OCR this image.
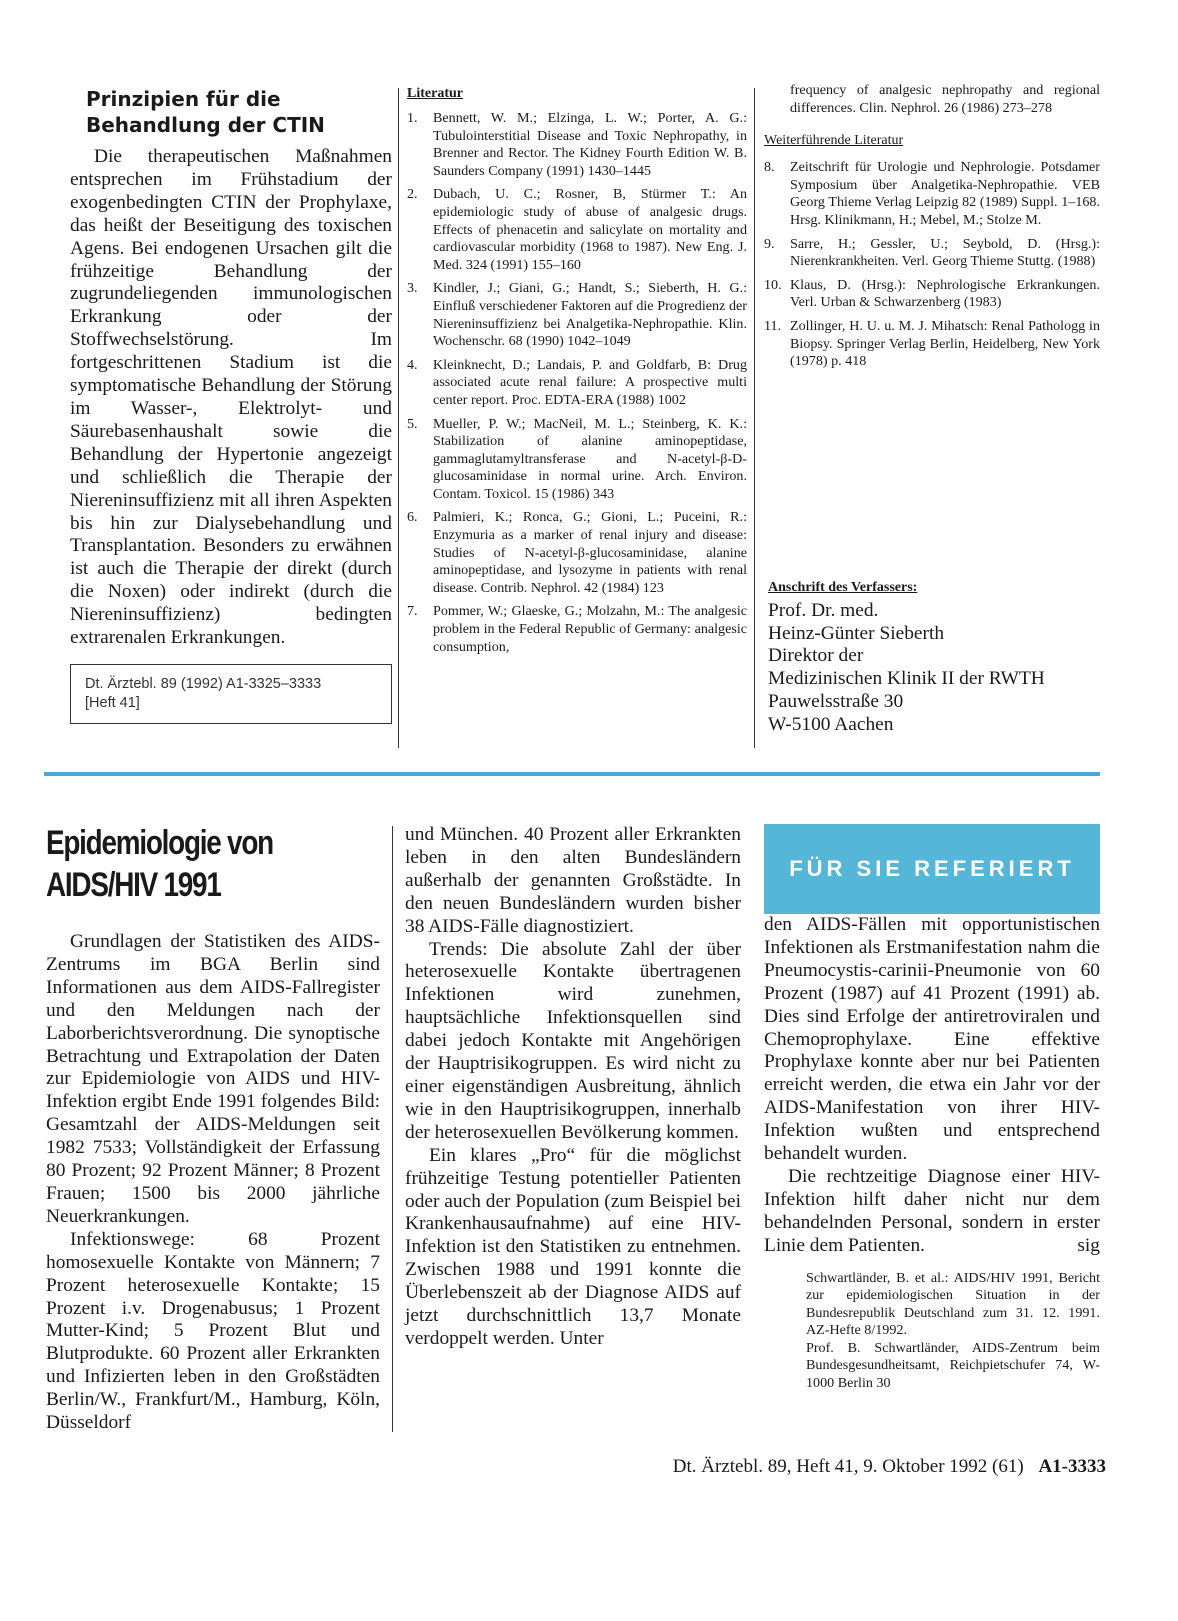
Prinzipien für die Behandlung der CTIN

Die therapeutischen Maßnahmen entsprechen im Frühstadium der exogenbedingten CTIN der Prophylaxe, das heißt der Beseitigung des toxischen Agens. Bei endogenen Ursachen gilt die frühzeitige Behandlung der zugrundeliegenden immunologischen Erkrankung oder der Stoffwechselstörung. Im fortgeschrittenen Stadium ist die symptomatische Behandlung der Störung im Wasser-, Elektrolyt- und Säurebasenhaushalt sowie die Behandlung der Hypertonie angezeigt und schließlich die Therapie der Niereninsuffizienz mit all ihren Aspekten bis hin zur Dialysebehandlung und Transplantation. Besonders zu erwähnen ist auch die Therapie der direkt (durch die Noxen) oder indirekt (durch die Niereninsuffizienz) bedingten extrarenalen Erkrankungen.

Dt. Ärztebl. 89 (1992) A1-3325–3333
[Heft 41]
Literatur
1.	Bennett, W. M.; Elzinga, L. W.; Porter, A. G.: Tubulointerstitial Disease and Toxic Nephropathy, in Brenner and Rector. The Kidney Fourth Edition W. B. Saunders Company (1991) 1430–1445
2.	Dubach, U. C.; Rosner, B, Stürmer T.: An epidemiologic study of abuse of analgesic drugs. Effects of phenacetin and salicylate on mortality and cardiovascular morbidity (1968 to 1987). New Eng. J. Med. 324 (1991) 155–160
3.	Kindler, J.; Giani, G.; Handt, S.; Sieberth, H. G.: Einfluß verschiedener Faktoren auf die Progredienz der Niereninsuffizienz bei Analgetika-Nephropathie. Klin. Wochenschr. 68 (1990) 1042–1049
4.	Kleinknecht, D.; Landais, P. and Goldfarb, B: Drug associated acute renal failure: A prospective multi center report. Proc. EDTA-ERA (1988) 1002
5.	Mueller, P. W.; MacNeil, M. L.; Steinberg, K. K.: Stabilization of alanine aminopeptidase, gammaglutamyltransferase and N-acetyl-β-D-glucosaminidase in normal urine. Arch. Environ. Contam. Toxicol. 15 (1986) 343
6.	Palmieri, K.; Ronca, G.; Gioni, L.; Puceini, R.: Enzymuria as a marker of renal injury and disease: Studies of N-acetyl-β-glucosaminidase, alanine aminopeptidase, and lysozyme in patients with renal disease. Contrib. Nephrol. 42 (1984) 123
7.	Pommer, W.; Glaeske, G.; Molzahn, M.: The analgesic problem in the Federal Republic of Germany: analgesic consumption,

frequency of analgesic nephropathy and regional differences. Clin. Nephrol. 26 (1986) 273–278

Weiterführende Literatur
8.	Zeitschrift für Urologie und Nephrologie. Potsdamer Symposium über Analgetika-Nephropathie. VEB Georg Thieme Verlag Leipzig 82 (1989) Suppl. 1–168. Hrsg. Klinikmann, H.; Mebel, M.; Stolze M.
9.	Sarre, H.; Gessler, U.; Seybold, D. (Hrsg.): Nierenkrankheiten. Verl. Georg Thieme Stuttg. (1988)
10. Klaus, D. (Hrsg.): Nephrologische Erkrankungen. Verl. Urban & Schwarzenberg (1983)
11. Zollinger, H. U. u. M. J. Mihatsch: Renal Pathologg in Biopsy. Springer Verlag Berlin, Heidelberg, New York (1978) p. 418
Anschrift des Verfassers:
Prof. Dr. med.
Heinz-Günter Sieberth
Direktor der
Medizinischen Klinik II der RWTH
Pauwelsstraße 30
W-5100 Aachen
Epidemiologie von
AIDS/HIV 1991

Grundlagen der Statistiken des AIDS-Zentrums im BGA Berlin sind Informationen aus dem AIDS-Fallregister und den Meldungen nach der Laborberichtsverordnung. Die synoptische Betrachtung und Extrapolation der Daten zur Epidemiologie von AIDS und HIV-Infektion ergibt Ende 1991 folgendes Bild: Gesamtzahl der AIDS-Meldungen seit 1982 7533; Vollständigkeit der Erfassung 80 Prozent; 92 Prozent Männer; 8 Prozent Frauen; 1500 bis 2000 jährliche Neuerkrankungen.

Infektionswege: 68 Prozent homosexuelle Kontakte von Männern; 7 Prozent heterosexuelle Kontakte; 15 Prozent i.v. Drogenabusus; 1 Prozent Mutter-Kind; 5 Prozent Blut und Blutprodukte. 60 Prozent aller Erkrankten und Infizierten leben in den Großstädten Berlin/W., Frankfurt/M., Hamburg, Köln, Düsseldorf

und München. 40 Prozent aller Erkrankten leben in den alten Bundesländern außerhalb der genannten Großstädte. In den neuen Bundesländern wurden bisher 38 AIDS-Fälle diagnostiziert.

Trends: Die absolute Zahl der über heterosexuelle Kontakte übertragenen Infektionen wird zunehmen, hauptsächliche Infektionsquellen sind dabei jedoch Kontakte mit Angehörigen der Hauptrisikogruppen. Es wird nicht zu einer eigenständigen Ausbreitung, ähnlich wie in den Hauptrisikogruppen, innerhalb der heterosexuellen Bevölkerung kommen.

Ein klares „Pro“ für die möglichst frühzeitige Testung potentieller Patienten oder auch der Population (zum Beispiel bei Krankenhausaufnahme) auf eine HIV-Infektion ist den Statistiken zu entnehmen. Zwischen 1988 und 1991 konnte die Überlebenszeit ab der Diagnose AIDS auf jetzt durchschnittlich 13,7 Monate verdoppelt werden. Unter

FÜR SIE REFERIERT

den AIDS-Fällen mit opportunistischen Infektionen als Erstmanifestation nahm die Pneumocystis-carinii-Pneumonie von 60 Prozent (1987) auf 41 Prozent (1991) ab. Dies sind Erfolge der antiretroviralen und Chemoprophylaxe. Eine effektive Prophylaxe konnte aber nur bei Patienten erreicht werden, die etwa ein Jahr vor der AIDS-Manifestation von ihrer HIV-Infektion wußten und entsprechend behandelt wurden.

Die rechtzeitige Diagnose einer HIV-Infektion hilft daher nicht nur dem behandelnden Personal, sondern in erster Linie dem Patienten.	sig

Schwartländer, B. et al.: AIDS/HIV 1991, Bericht zur epidemiologischen Situation in der Bundesrepublik Deutschland zum 31. 12. 1991. AZ-Hefte 8/1992.

Prof. B. Schwartländer, AIDS-Zentrum beim Bundesgesundheitsamt, Reichpietschufer 74, W-1000 Berlin 30

Dt. Ärztebl. 89, Heft 41, 9. Oktober 1992 (61) A1-3333
